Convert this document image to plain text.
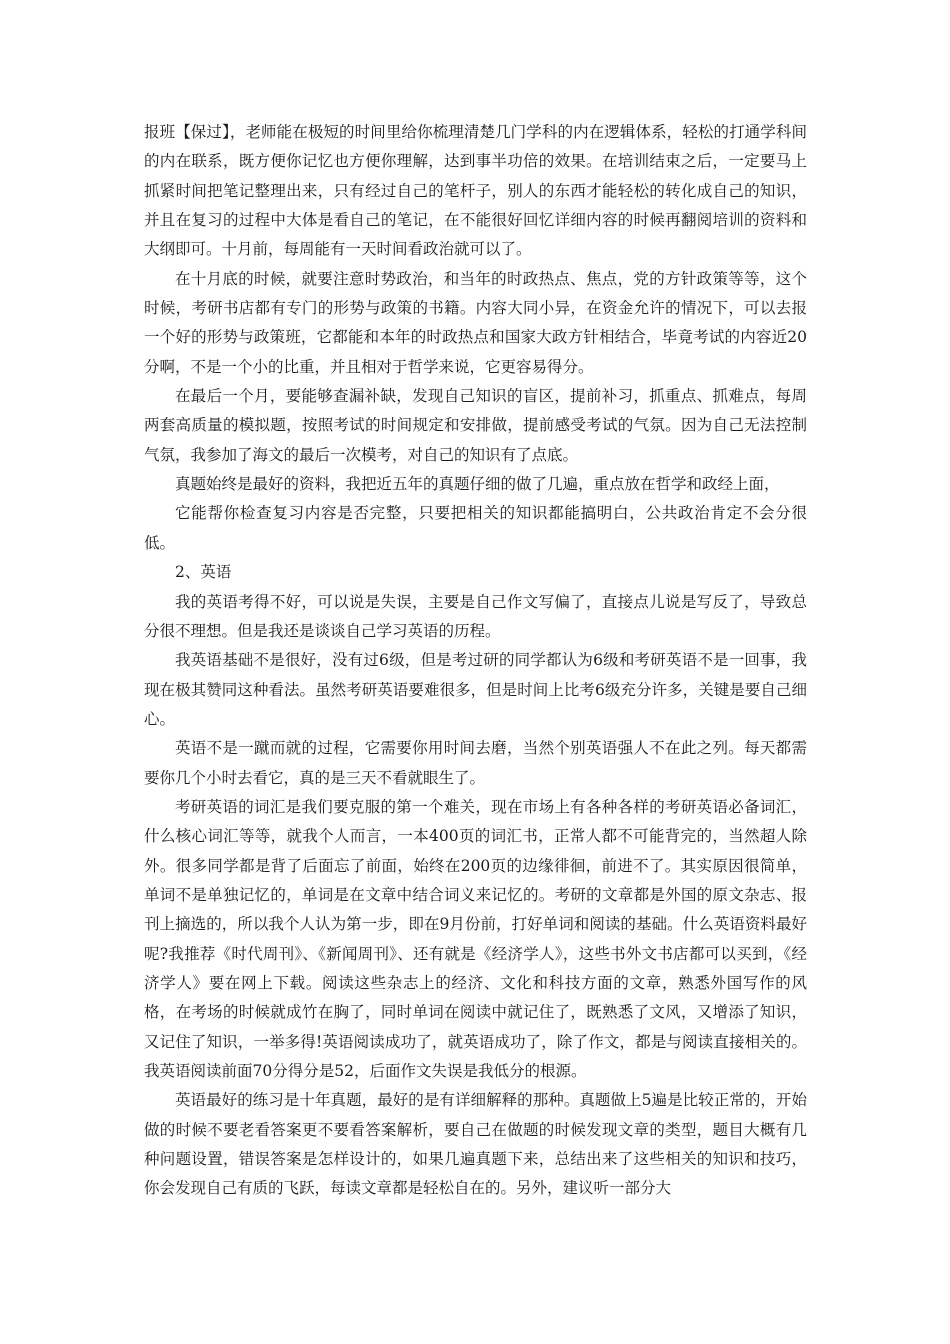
报班【保过】，老师能在极短的时间里给你梳理清楚几门学科的内在逻辑体系，轻松的打通学科间的内在联系，既方便你记忆也方便你理解，达到事半功倍的效果。在培训结束之后，一定要马上抓紧时间把笔记整理出来，只有经过自己的笔杆子，别人的东西才能轻松的转化成自己的知识，并且在复习的过程中大体是看自己的笔记，在不能很好回忆详细内容的时候再翻阅培训的资料和大纲即可。十月前，每周能有一天时间看政治就可以了。

在十月底的时候，就要注意时势政治，和当年的时政热点、焦点，党的方针政策等等，这个时候，考研书店都有专门的形势与政策的书籍。内容大同小异，在资金允许的情况下，可以去报一个好的形势与政策班，它都能和本年的时政热点和国家大政方针相结合，毕竟考试的内容近20分啊，不是一个小的比重，并且相对于哲学来说，它更容易得分。

在最后一个月，要能够查漏补缺，发现自己知识的盲区，提前补习，抓重点、抓难点，每周两套高质量的模拟题，按照考试的时间规定和安排做，提前感受考试的气氛。因为自己无法控制气氛，我参加了海文的最后一次模考，对自己的知识有了点底。

真题始终是最好的资料，我把近五年的真题仔细的做了几遍，重点放在哲学和政经上面，

它能帮你检查复习内容是否完整，只要把相关的知识都能搞明白，公共政治肯定不会分很低。

2、英语

我的英语考得不好，可以说是失误，主要是自己作文写偏了，直接点儿说是写反了，导致总分很不理想。但是我还是谈谈自己学习英语的历程。

我英语基础不是很好，没有过6级，但是考过研的同学都认为6级和考研英语不是一回事，我现在极其赞同这种看法。虽然考研英语要难很多，但是时间上比考6级充分许多，关键是要自己细心。

英语不是一蹴而就的过程，它需要你用时间去磨，当然个别英语强人不在此之列。每天都需要你几个小时去看它，真的是三天不看就眼生了。

考研英语的词汇是我们要克服的第一个难关，现在市场上有各种各样的考研英语必备词汇，什么核心词汇等等，就我个人而言，一本400页的词汇书，正常人都不可能背完的，当然超人除外。很多同学都是背了后面忘了前面，始终在200页的边缘徘徊，前进不了。其实原因很简单，单词不是单独记忆的，单词是在文章中结合词义来记忆的。考研的文章都是外国的原文杂志、报刊上摘选的，所以我个人认为第一步，即在9月份前，打好单词和阅读的基础。什么英语资料最好呢?我推荐《时代周刊》、《新闻周刊》、还有就是《经济学人》，这些书外文书店都可以买到，《经济学人》要在网上下载。阅读这些杂志上的经济、文化和科技方面的文章，熟悉外国写作的风格，在考场的时候就成竹在胸了，同时单词在阅读中就记住了，既熟悉了文风，又增添了知识，又记住了知识，一举多得!英语阅读成功了，就英语成功了，除了作文，都是与阅读直接相关的。我英语阅读前面70分得分是52，后面作文失误是我低分的根源。

英语最好的练习是十年真题，最好的是有详细解释的那种。真题做上5遍是比较正常的，开始做的时候不要老看答案更不要看答案解析，要自己在做题的时候发现文章的类型，题目大概有几种问题设置，错误答案是怎样设计的，如果几遍真题下来，总结出来了这些相关的知识和技巧，你会发现自己有质的飞跃，每读文章都是轻松自在的。另外，建议听一部分大
